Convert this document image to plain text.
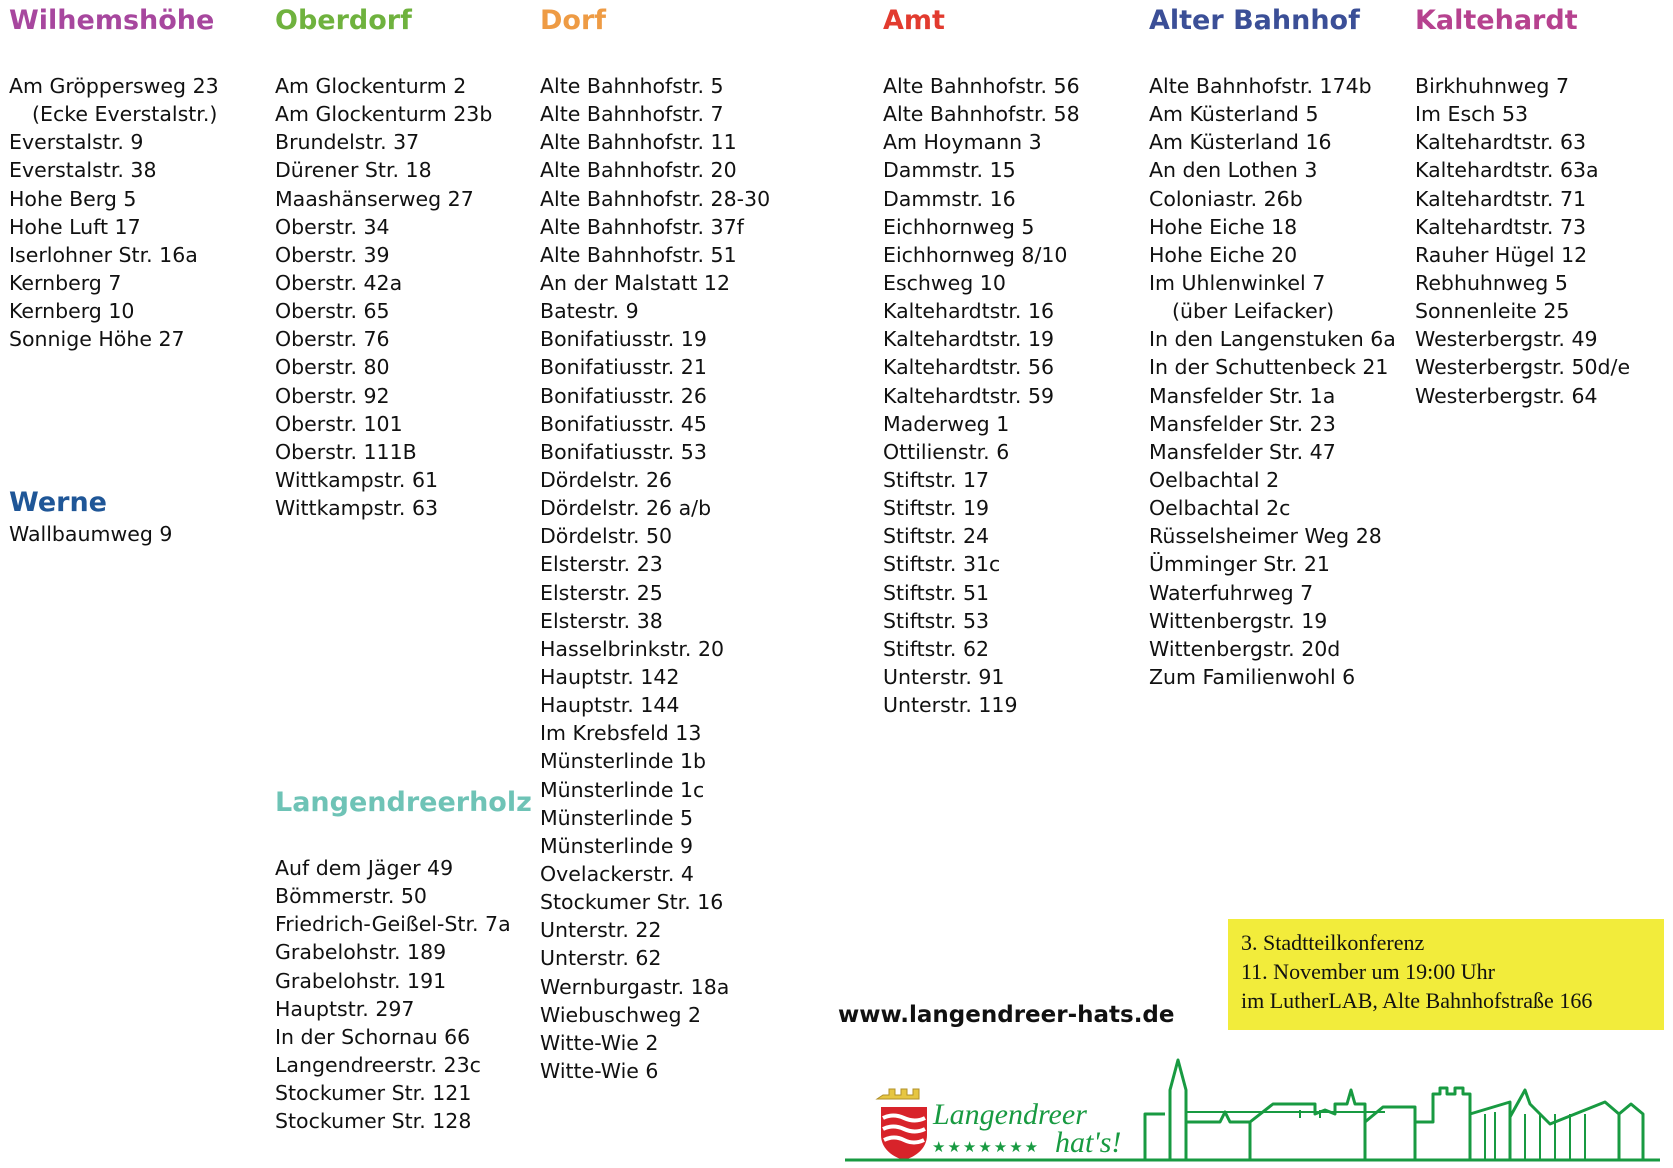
Wilhemshöhe
Am Gröppersweg 23
(Ecke Everstalstr.)
Everstalstr. 9
Everstalstr. 38
Hohe Berg 5
Hohe Luft 17
Iserlohner Str. 16a
Kernberg 7
Kernberg 10
Sonnige Höhe 27
Werne
Wallbaumweg 9
Oberdorf
Am Glockenturm 2
Am Glockenturm 23b
Brundelstr. 37
Dürener Str. 18
Maashänserweg 27
Oberstr. 34
Oberstr. 39
Oberstr. 42a
Oberstr. 65
Oberstr. 76
Oberstr. 80
Oberstr. 92
Oberstr. 101
Oberstr. 111B
Wittkampstr. 61
Wittkampstr. 63
Langendreerholz
Auf dem Jäger 49
Bömmerstr. 50
Friedrich-Geißel-Str. 7a
Grabelohstr. 189
Grabelohstr. 191
Hauptstr. 297
In der Schornau 66
Langendreerstr. 23c
Stockumer Str. 121
Stockumer Str. 128
Dorf
Alte Bahnhofstr. 5
Alte Bahnhofstr. 7
Alte Bahnhofstr. 11
Alte Bahnhofstr. 20
Alte Bahnhofstr. 28-30
Alte Bahnhofstr. 37f
Alte Bahnhofstr. 51
An der Malstatt 12
Batestr. 9
Bonifatiusstr. 19
Bonifatiusstr. 21
Bonifatiusstr. 26
Bonifatiusstr. 45
Bonifatiusstr. 53
Dördelstr. 26
Dördelstr. 26 a/b
Dördelstr. 50
Elsterstr. 23
Elsterstr. 25
Elsterstr. 38
Hasselbrinkstr. 20
Hauptstr. 142
Hauptstr. 144
Im Krebsfeld 13
Münsterlinde 1b
Münsterlinde 1c
Münsterlinde 5
Münsterlinde 9
Ovelackerstr. 4
Stockumer Str. 16
Unterstr. 22
Unterstr. 62
Wernburgastr. 18a
Wiebuschweg 2
Witte-Wie 2
Witte-Wie 6
Amt
Alte Bahnhofstr. 56
Alte Bahnhofstr. 58
Am Hoymann 3
Dammstr. 15
Dammstr. 16
Eichhornweg 5
Eichhornweg 8/10
Eschweg 10
Kaltehardtstr. 16
Kaltehardtstr. 19
Kaltehardtstr. 56
Kaltehardtstr. 59
Maderweg 1
Ottilienstr. 6
Stiftstr. 17
Stiftstr. 19
Stiftstr. 24
Stiftstr. 31c
Stiftstr. 51
Stiftstr. 53
Stiftstr. 62
Unterstr. 91
Unterstr. 119
Alter Bahnhof
Alte Bahnhofstr. 174b
Am Küsterland 5
Am Küsterland 16
An den Lothen 3
Coloniastr. 26b
Hohe Eiche 18
Hohe Eiche 20
Im Uhlenwinkel 7
(über Leifacker)
In den Langenstuken 6a
In der Schuttenbeck 21
Mansfelder Str. 1a
Mansfelder Str. 23
Mansfelder Str. 47
Oelbachtal 2
Oelbachtal 2c
Rüsselsheimer Weg 28
Ümminger Str. 21
Waterfuhrweg 7
Wittenbergstr. 19
Wittenbergstr. 20d
Zum Familienwohl 6
Kaltehardt
Birkhuhnweg 7
Im Esch 53
Kaltehardtstr. 63
Kaltehardtstr. 63a
Kaltehardtstr. 71
Kaltehardtstr. 73
Rauher Hügel 12
Rebhuhnweg 5
Sonnenleite 25
Westerbergstr. 49
Westerbergstr. 50d/e
Westerbergstr. 64
3. Stadtteilkonferenz
11. November um 19:00 Uhr
im LutherLAB, Alte Bahnhofstraße 166
www.langendreer-hats.de
Langendreer
★★★★★★★ hat's!
